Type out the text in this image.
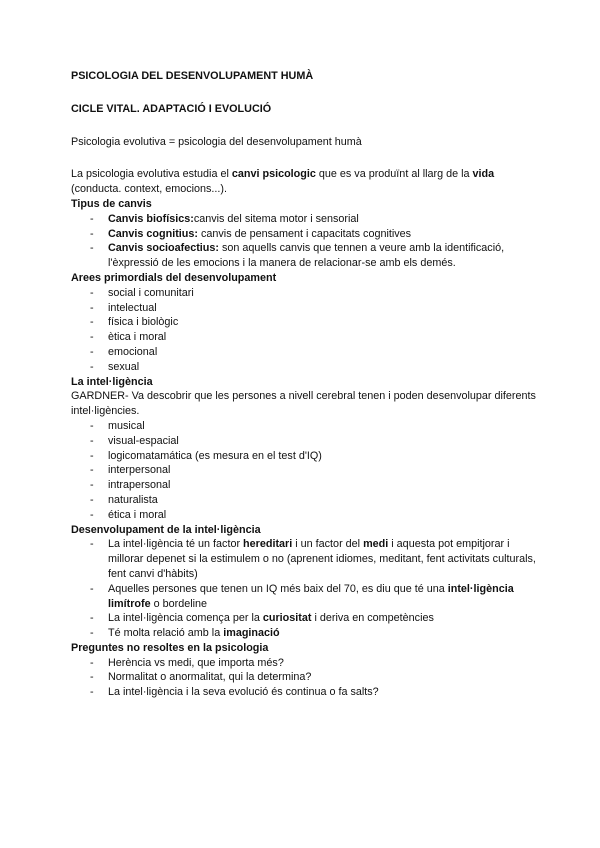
PSICOLOGIA DEL DESENVOLUPAMENT HUMÀ

CICLE VITAL. ADAPTACIÓ I EVOLUCIÓ

Psicologia evolutiva = psicologia del desenvolupament humà

La psicologia evolutiva estudia el canvi psicologic que es va produïnt al llarg de la vida (conducta. context, emocions...).

Tipus de canvis

- Canvis biofísics:canvis del sitema motor i sensorial
- Canvis cognitius: canvis de pensament i capacitats cognitives
- Canvis socioafectius: son aquells canvis que tennen a veure amb la identificació, l'èxpressió de les emocions i la manera de relacionar-se amb els demés.

Arees primordials del desenvolupament

- social i comunitari
- intelectual
- física i biològic
- ètica i moral
- emocional
- sexual

La intel·ligència

GARDNER- Va descobrir que les persones a nivell cerebral tenen i poden desenvolupar diferents intel·ligències.

- musical
- visual-espacial
- logicomatamática (es mesura en el test d'IQ)
- interpersonal
- intrapersonal
- naturalista
- ética i moral

Desenvolupament de la intel·ligència

- La intel·ligència té un factor hereditari i un factor del medi i aquesta pot empitjorar i millorar depenet si la estimulem o no (aprenent idiomes, meditant, fent activitats culturals, fent canvi d'hàbits)
- Aquelles persones que tenen un IQ més baix del 70, es diu que té una intel·ligència limítrofe o bordeline
- La intel·ligència comença per la curiositat i deriva en competències
- Té molta relació amb la imaginació

Preguntes no resoltes en la psicologia

- Herència vs medi, que importa més?
- Normalitat o anormalitat, qui la determina?
- La intel·ligència i la seva evolució és continua o fa salts?
